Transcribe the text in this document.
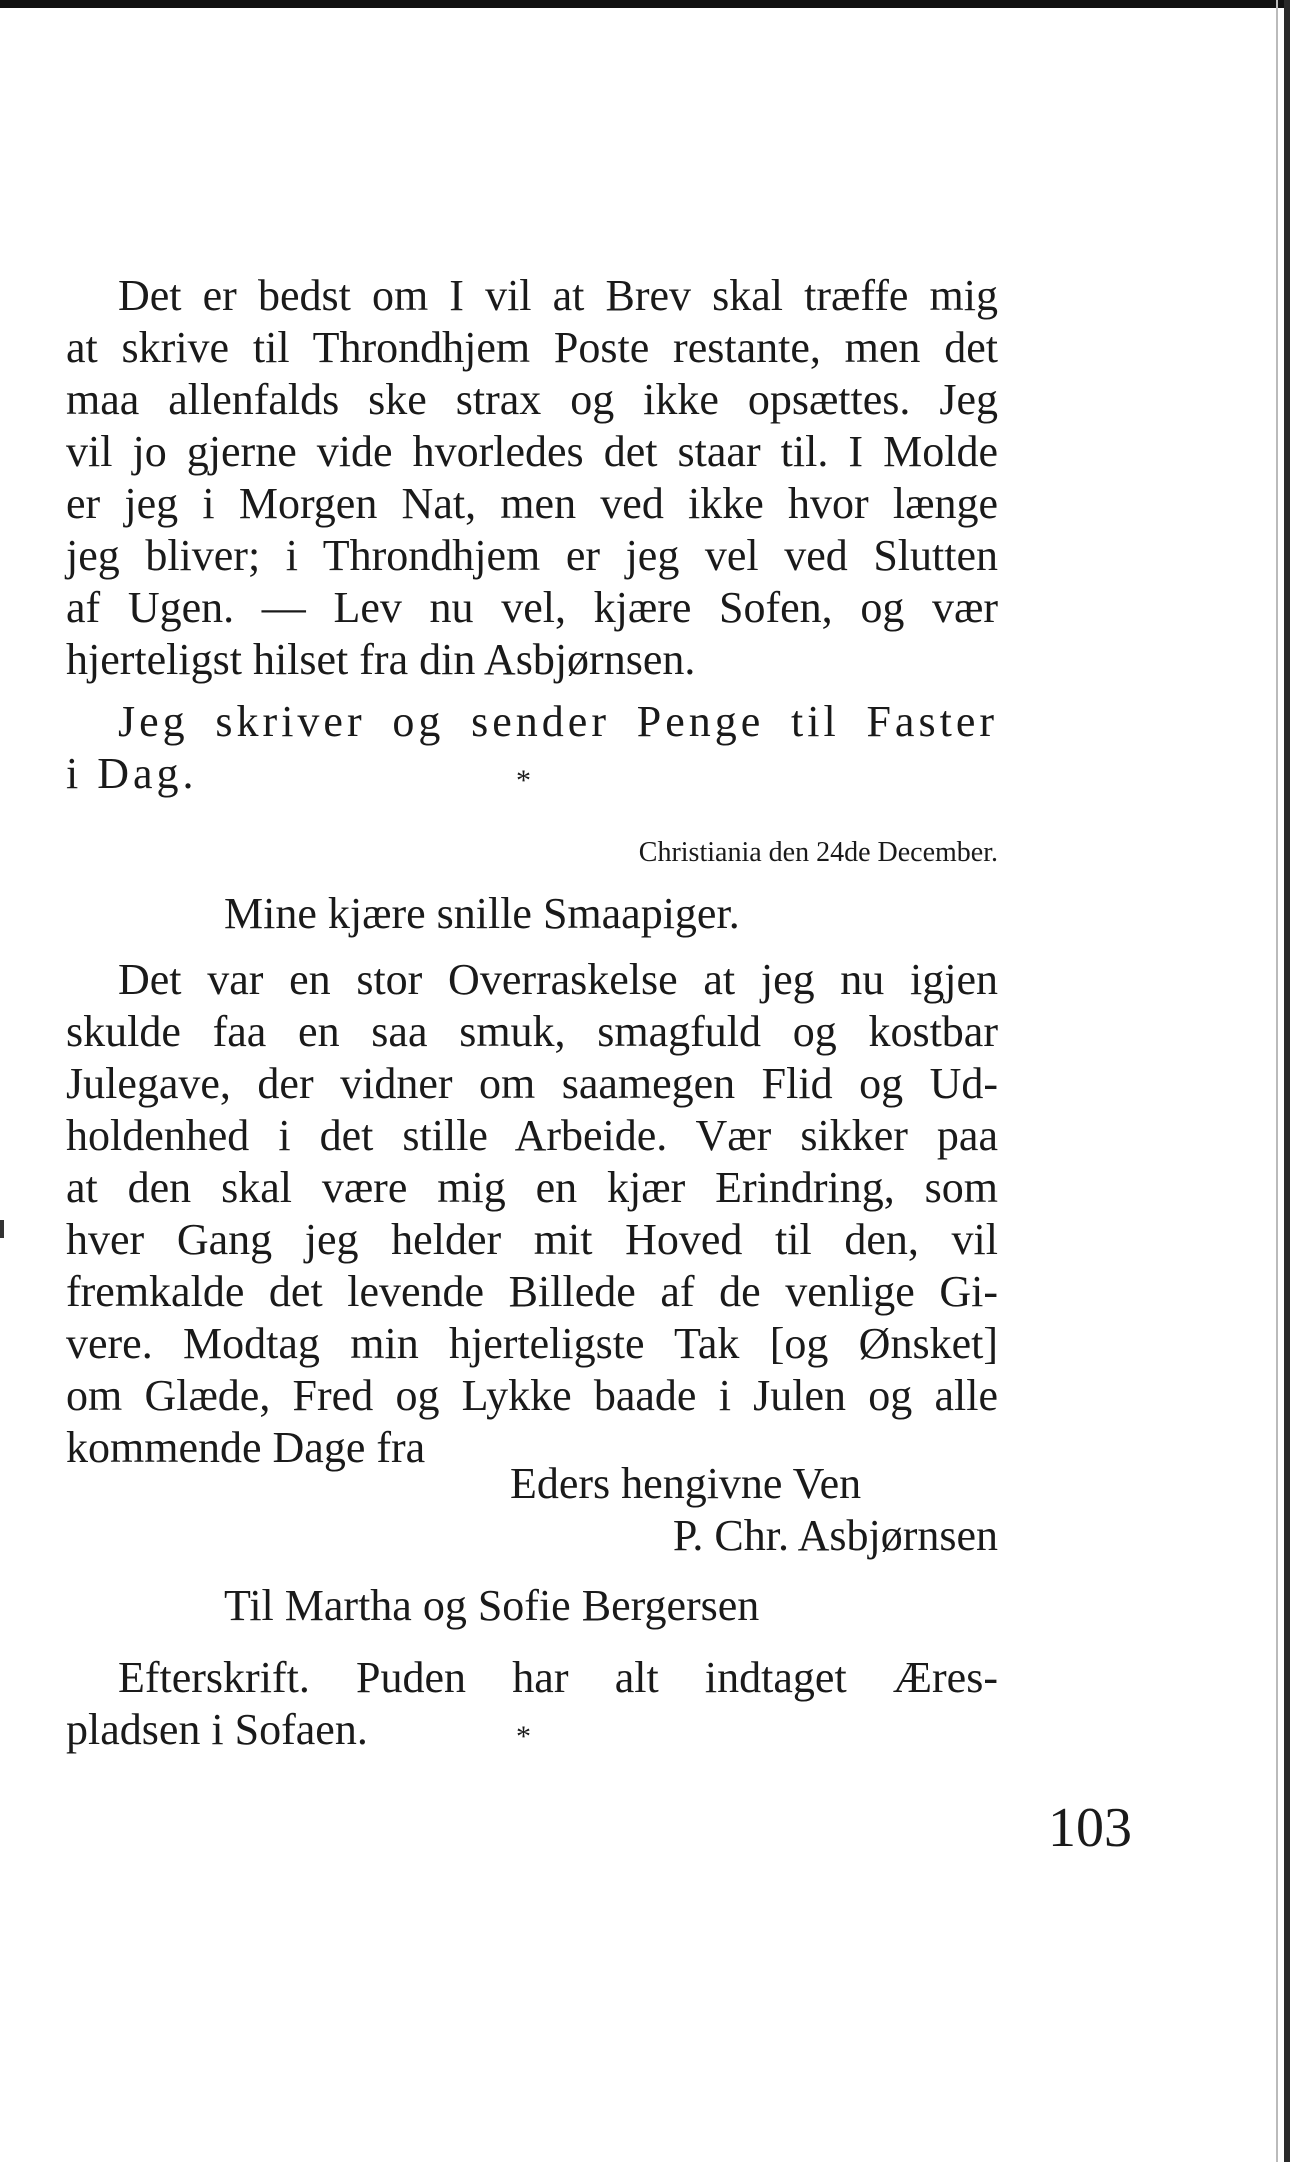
Det er bedst om I vil at Brev skal træffe mig
at skrive til Throndhjem Poste restante, men det
maa allenfalds ske strax og ikke opsættes. Jeg
vil jo gjerne vide hvorledes det staar til. I Molde
er jeg i Morgen Nat, men ved ikke hvor længe
jeg bliver; i Throndhjem er jeg vel ved Slutten
af Ugen. — Lev nu vel, kjære Sofen, og vær
hjerteligst hilset fra din Asbjørnsen.
Jeg skriver og sender Penge til Faster
i Dag.	*
Christiania den 24de December.
Mine kjære snille Smaapiger.
Det var en stor Overraskelse at jeg nu igjen
skulde faa en saa smuk, smagfuld og kostbar
Julegave, der vidner om saamegen Flid og Ud-
holdenhed i det stille Arbeide. Vær sikker paa
at den skal være mig en kjær Erindring, som
hver Gang jeg helder mit Hoved til den, vil
fremkalde det levende Billede af de venlige Gi-
vere. Modtag min hjerteligste Tak [og Ønsket]
om Glæde, Fred og Lykke baade i Julen og alle
kommende Dage fra
Eders hengivne Ven
P. Chr. Asbjørnsen
Til Martha og Sofie Bergersen
Efterskrift. Puden har alt indtaget Æres-
pladsen i Sofaen.	*
103
